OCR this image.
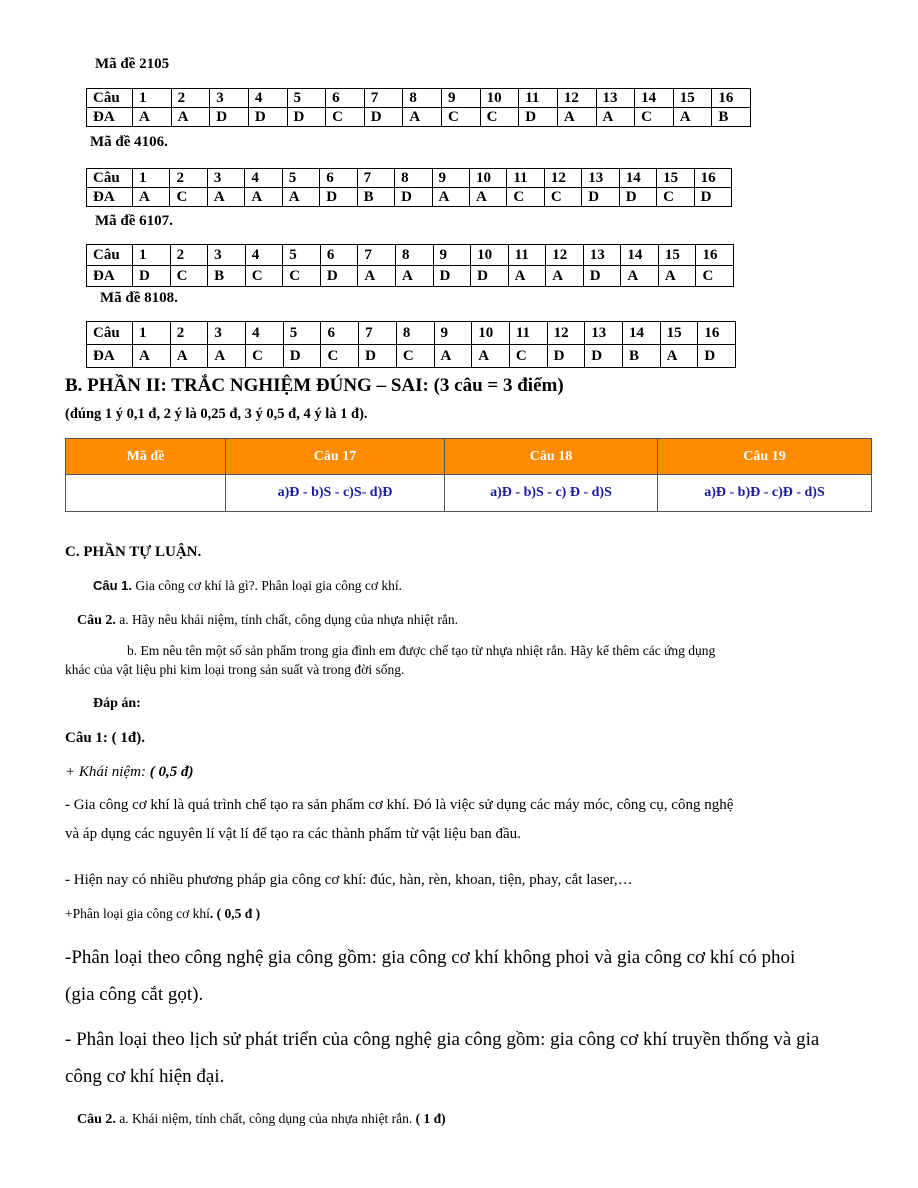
Mã đề 2105
Câu	1	2	3	4	5	6	7	8	9	10	11	12	13	14	15	16
ĐA	A	A	D	D	D	C	D	A	C	C	D	A	A	C	A	B
Mã đề 4106.
Câu	1	2	3	4	5	6	7	8	9	10	11	12	13	14	15	16
ĐA	A	C	A	A	A	D	B	D	A	A	C	C	D	D	C	D
Mã đề 6107.
Câu	1	2	3	4	5	6	7	8	9	10	11	12	13	14	15	16
ĐA	D	C	B	C	C	D	A	A	D	D	A	A	D	A	A	C
Mã đề 8108.
Câu	1	2	3	4	5	6	7	8	9	10	11	12	13	14	15	16
ĐA	A	A	A	C	D	C	D	C	A	A	C	D	D	B	A	D
B. PHẦN II: TRẮC NGHIỆM ĐÚNG – SAI: (3 câu = 3 điểm)
(đúng 1 ý 0,1 đ, 2 ý là 0,25 đ, 3 ý 0,5 đ, 4 ý là 1 đ).
Mã đề	Câu 17	Câu 18	Câu 19
	a)Đ - b)S - c)S- d)Đ	a)Đ - b)S - c) Đ - d)S	a)Đ - b)Đ - c)Đ - d)S
C. PHẦN TỰ LUẬN.
Câu 1. Gia công cơ khí là gì?. Phân loại gia công cơ khí.
Câu 2. a. Hãy nêu khái niệm, tính chất, công dụng của nhựa nhiệt rắn.
b. Em nêu tên một số sản phẩm trong gia đình em được chế tạo từ nhựa nhiệt rắn. Hãy kể thêm các ứng dụng
khác của vật liệu phi kim loại trong sản suất và trong đời sống.
Đáp án:
Câu 1: ( 1đ).
+ Khái niệm: ( 0,5 đ)
- Gia công cơ khí là quá trình chế tạo ra sản phẩm cơ khí. Đó là việc sử dụng các máy móc, công cụ, công nghệ
và áp dụng các nguyên lí vật lí để tạo ra các thành phẩm từ vật liệu ban đầu.
- Hiện nay có nhiều phương pháp gia công cơ khí: đúc, hàn, rèn, khoan, tiện, phay, cắt laser,…
+Phân loại gia công cơ khí. ( 0,5 đ )
-Phân loại theo công nghệ gia công gồm: gia công cơ khí không phoi và gia công cơ khí có phoi
(gia công cắt gọt).
- Phân loại theo lịch sử phát triển của công nghệ gia công gồm: gia công cơ khí truyền thống và gia
công cơ khí hiện đại.
Câu 2. a. Khái niệm, tính chất, công dụng của nhựa nhiệt rắn. ( 1 đ)
